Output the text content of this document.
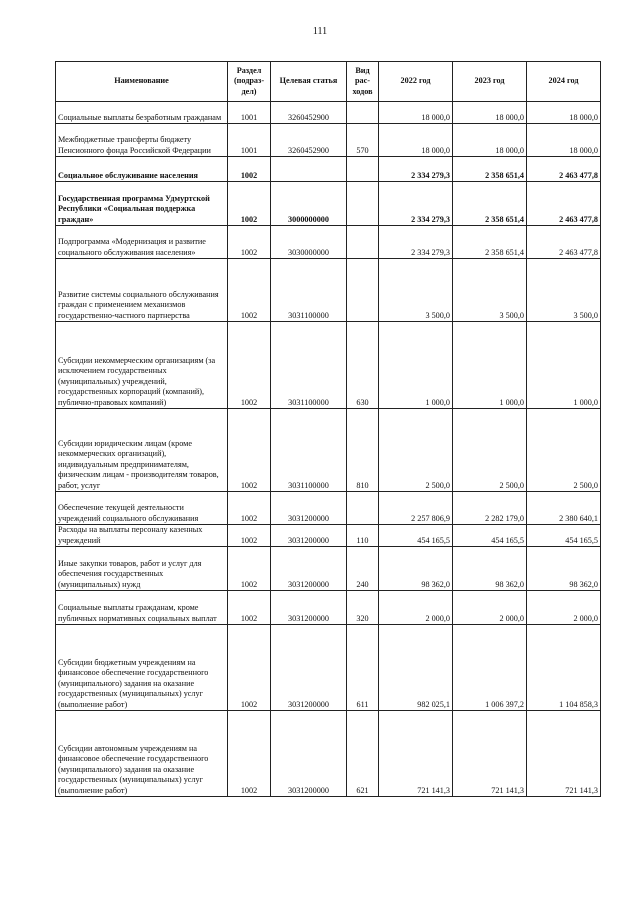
111
Наименование	Раздел (подраз-дел)	Целевая статья	Вид рас-ходов	2022 год	2023 год	2024 год
Социальные выплаты безработным гражданам	1001	3260452900		18 000,0	18 000,0	18 000,0
Межбюджетные трансферты бюджету Пенсионного фонда Российской Федерации	1001	3260452900	570	18 000,0	18 000,0	18 000,0
Социальное обслуживание населения	1002			2 334 279,3	2 358 651,4	2 463 477,8
Государственная программа Удмуртской Республики «Социальная поддержка граждан»	1002	3000000000		2 334 279,3	2 358 651,4	2 463 477,8
Подпрограмма «Модернизация и развитие социального обслуживания населения»	1002	3030000000		2 334 279,3	2 358 651,4	2 463 477,8
Развитие системы социального обслуживания граждан с применением механизмов государственно-частного партнерства	1002	3031100000		3 500,0	3 500,0	3 500,0
Субсидии некоммерческим организациям (за исключением государственных (муниципальных) учреждений, государственных корпораций (компаний), публично-правовых компаний)	1002	3031100000	630	1 000,0	1 000,0	1 000,0
Субсидии юридическим лицам (кроме некоммерческих организаций), индивидуальным предпринимателям, физическим лицам - производителям товаров, работ, услуг	1002	3031100000	810	2 500,0	2 500,0	2 500,0
Обеспечение текущей деятельности учреждений социального обслуживания	1002	3031200000		2 257 806,9	2 282 179,0	2 380 640,1
Расходы на выплаты персоналу казенных учреждений	1002	3031200000	110	454 165,5	454 165,5	454 165,5
Иные закупки товаров, работ и услуг для обеспечения государственных (муниципальных) нужд	1002	3031200000	240	98 362,0	98 362,0	98 362,0
Социальные выплаты гражданам, кроме публичных нормативных социальных выплат	1002	3031200000	320	2 000,0	2 000,0	2 000,0
Субсидии бюджетным учреждениям на финансовое обеспечение государственного (муниципального) задания на оказание государственных (муниципальных) услуг (выполнение работ)	1002	3031200000	611	982 025,1	1 006 397,2	1 104 858,3
Субсидии автономным учреждениям на финансовое обеспечение государственного (муниципального) задания на оказание государственных (муниципальных) услуг (выполнение работ)	1002	3031200000	621	721 141,3	721 141,3	721 141,3
